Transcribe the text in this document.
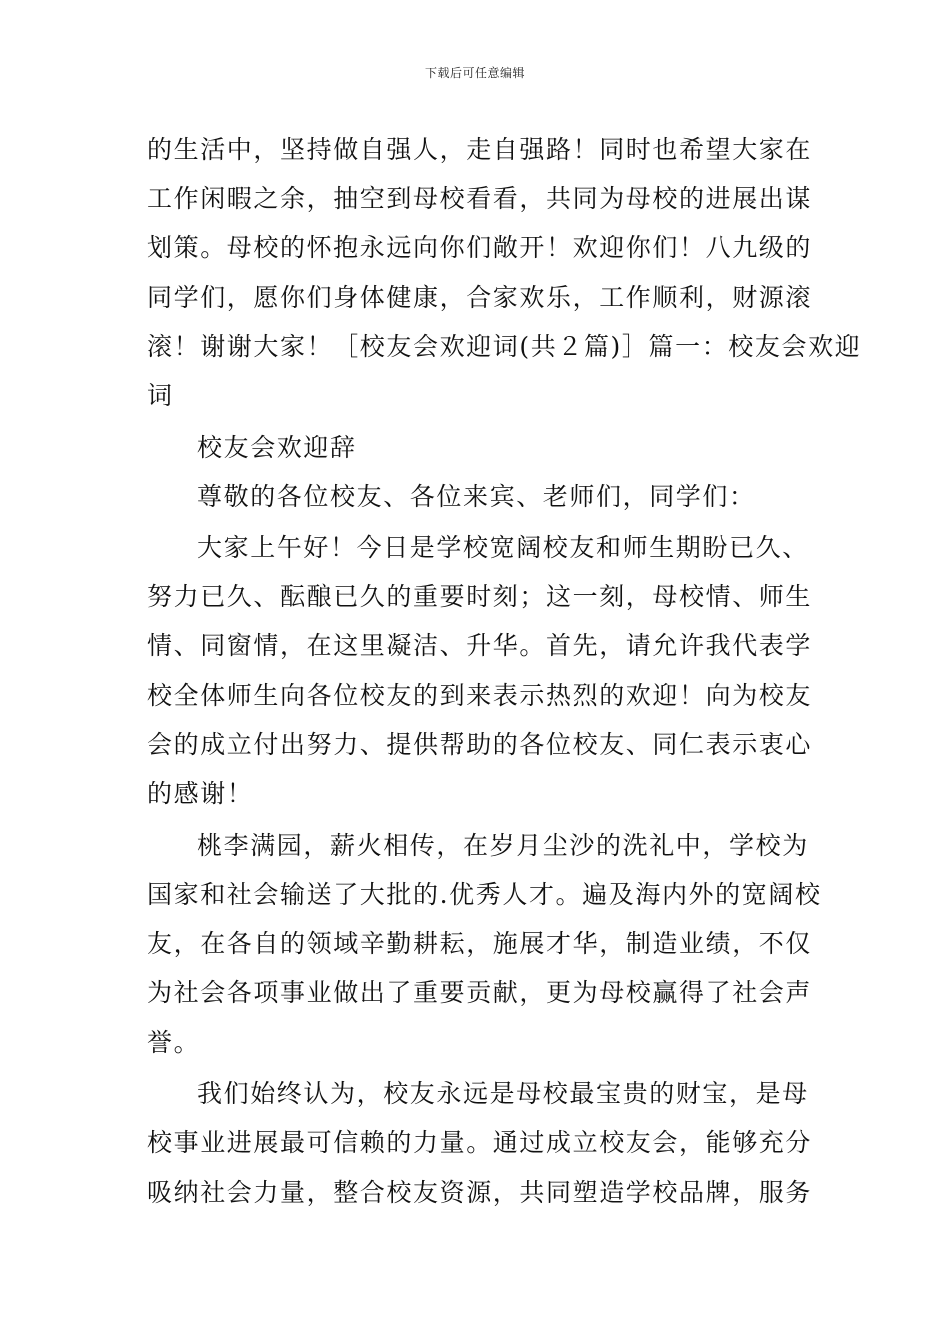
下载后可任意编辑
的生活中，坚持做自强人，走自强路！同时也希望大家在
工作闲暇之余，抽空到母校看看，共同为母校的进展出谋
划策。母校的怀抱永远向你们敞开！欢迎你们！八九级的
同学们，愿你们身体健康，合家欢乐，工作顺利，财源滚
滚！谢谢大家！［校友会欢迎词(共２篇)］篇一：校友会欢迎
词
校友会欢迎辞
尊敬的各位校友、各位来宾、老师们，同学们：
大家上午好！今日是学校宽阔校友和师生期盼已久、
努力已久、酝酿已久的重要时刻；这一刻，母校情、师生
情、同窗情，在这里凝洁、升华。首先，请允许我代表学
校全体师生向各位校友的到来表示热烈的欢迎！向为校友
会的成立付出努力、提供帮助的各位校友、同仁表示衷心
的感谢！
桃李满园，薪火相传，在岁月尘沙的洗礼中，学校为
国家和社会输送了大批的.优秀人才。遍及海内外的宽阔校
友，在各自的领域辛勤耕耘，施展才华，制造业绩，不仅
为社会各项事业做出了重要贡献，更为母校赢得了社会声
誉。
我们始终认为，校友永远是母校最宝贵的财宝，是母
校事业进展最可信赖的力量。通过成立校友会，能够充分
吸纳社会力量，整合校友资源，共同塑造学校品牌，服务
